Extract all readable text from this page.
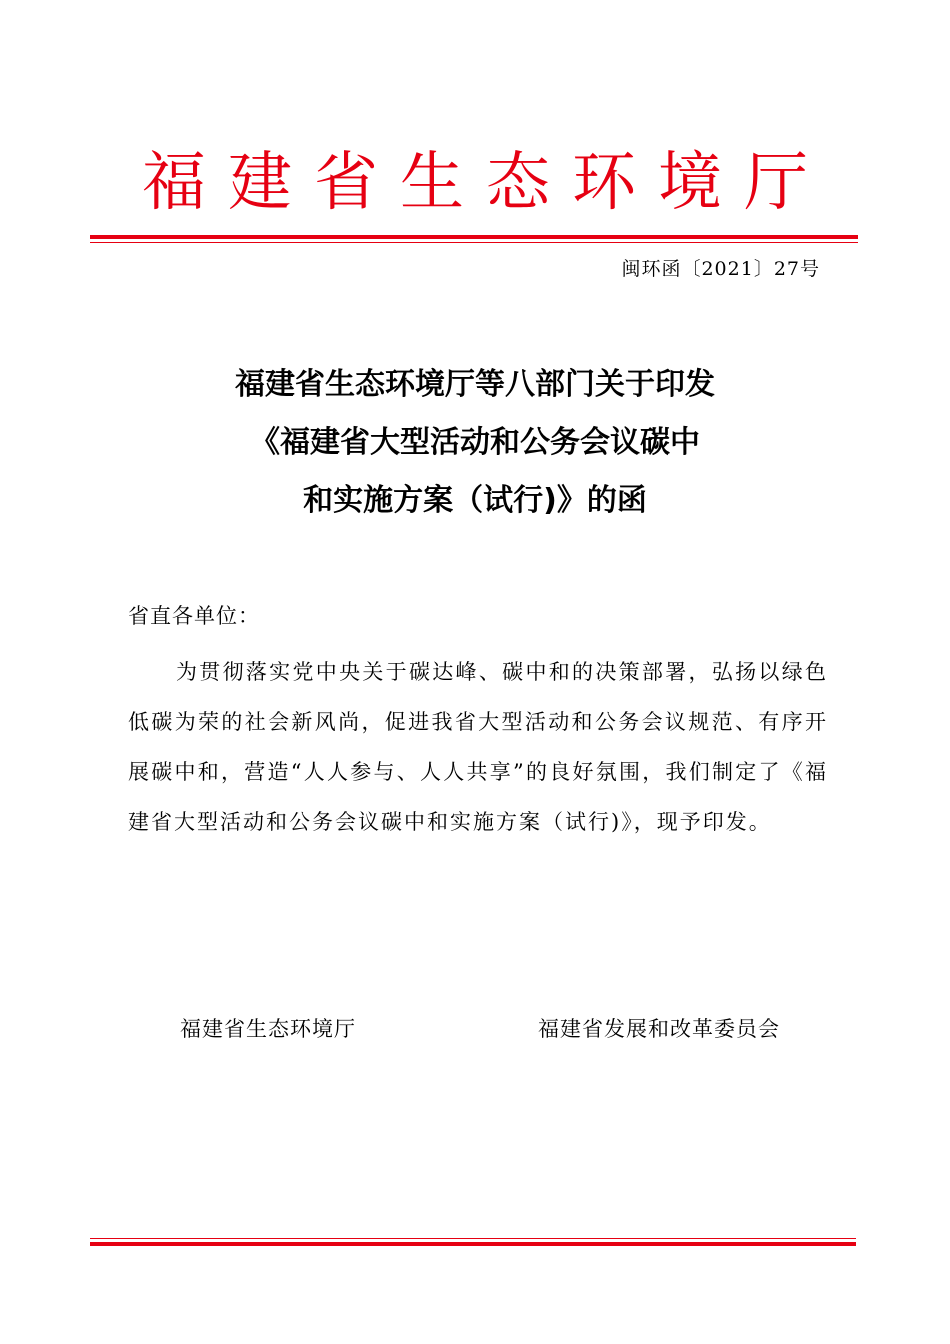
福建省生态环境厅
闽环函〔2021〕27号
福建省生态环境厅等八部门关于印发
《福建省大型活动和公务会议碳中
和实施方案（试行)》的函
省直各单位：

为贯彻落实党中央关于碳达峰、碳中和的决策部署，弘扬以绿色低碳为荣的社会新风尚，促进我省大型活动和公务会议规范、有序开展碳中和，营造“人人参与、人人共享”的良好氛围，我们制定了《福建省大型活动和公务会议碳中和实施方案（试行)》，现予印发。

福建省生态环境厅	福建省发展和改革委员会
